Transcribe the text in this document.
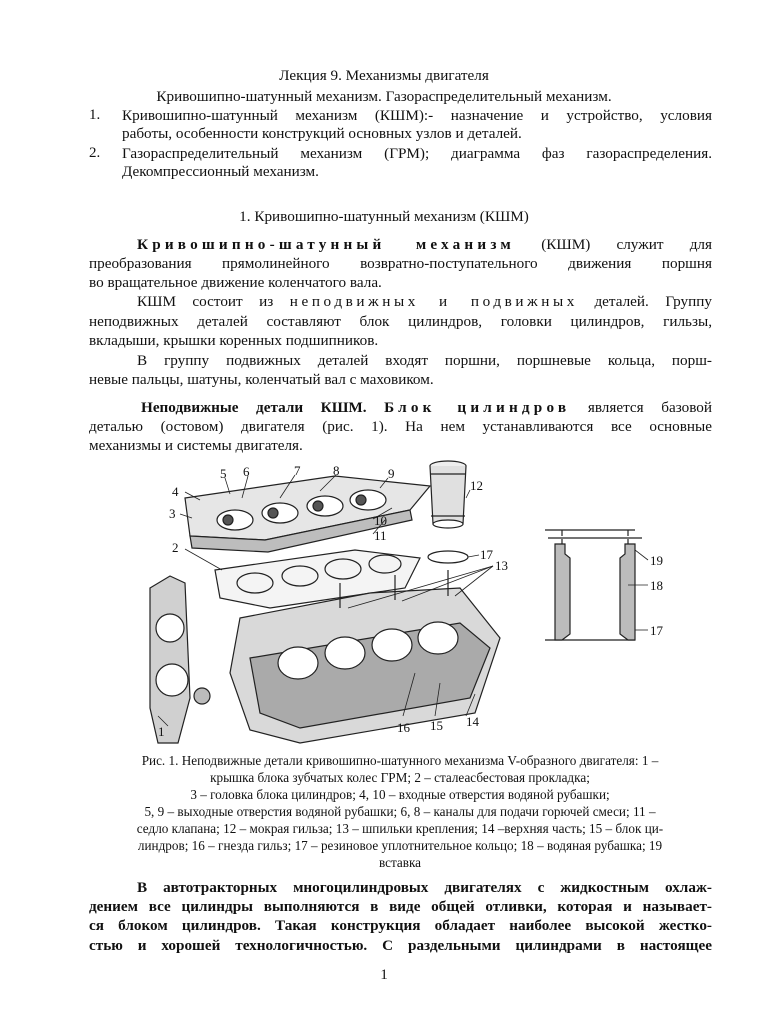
Лекция 9. Механизмы двигателя
Кривошипно-шатунный механизм. Газораспределительный механизм.
1. Кривошипно-шатунный механизм (КШМ):- назначение и устройство, условия
работы, особенности конструкций основных узлов и деталей.
2. Газораспределительный механизм (ГРМ); диаграмма фаз газораспределения.
Декомпрессионный механизм.
1. Кривошипно-шатунный механизм (КШМ)
Кривошипно-шатунный механизм (КШМ) служит для
преобразования прямолинейного возвратно-поступательного движения поршня
во вращательное движение коленчатого вала.
КШМ состоит из неподвижных и подвижных деталей. Группу
неподвижных деталей составляют блок цилиндров, головки цилиндров, гильзы,
вкладыши, крышки коренных подшипников.
В группу подвижных деталей входят поршни, поршневые кольца, порш-
невые пальцы, шатуны, коленчатый вал с маховиком.
Неподвижные детали КШМ. Блок цилиндров является базовой
деталью (остовом) двигателя (рис. 1). На нем устанавливаются все основные
механизмы и системы двигателя.
1
2
3
4
5 6	7	8	9
10
11
12
13
14
15
16
17
17
18
19
Рис. 1. Неподвижные детали кривошипно-шатунного механизма V-образного двигателя: 1 –
крышка блока зубчатых колес ГРМ; 2 – сталеасбестовая прокладка;
3 – головка блока цилиндров; 4, 10 – входные отверстия водяной рубашки;
5, 9 – выходные отверстия водяной рубашки; 6, 8 – каналы для подачи горючей смеси; 11 –
седло клапана; 12 – мокрая гильза; 13 – шпильки крепления; 14 –верхняя часть; 15 – блок ци-
линдров; 16 – гнезда гильз; 17 – резиновое уплотнительное кольцо; 18 – водяная рубашка; 19
вставка
В автотракторных многоцилиндровых двигателях с жидкостным охлаж-
дением все цилиндры выполняются в виде общей отливки, которая и называет-
ся блоком цилиндров. Такая конструкция обладает наиболее высокой жестко-
стью и хорошей технологичностью. С раздельными цилиндрами в настоящее
1
